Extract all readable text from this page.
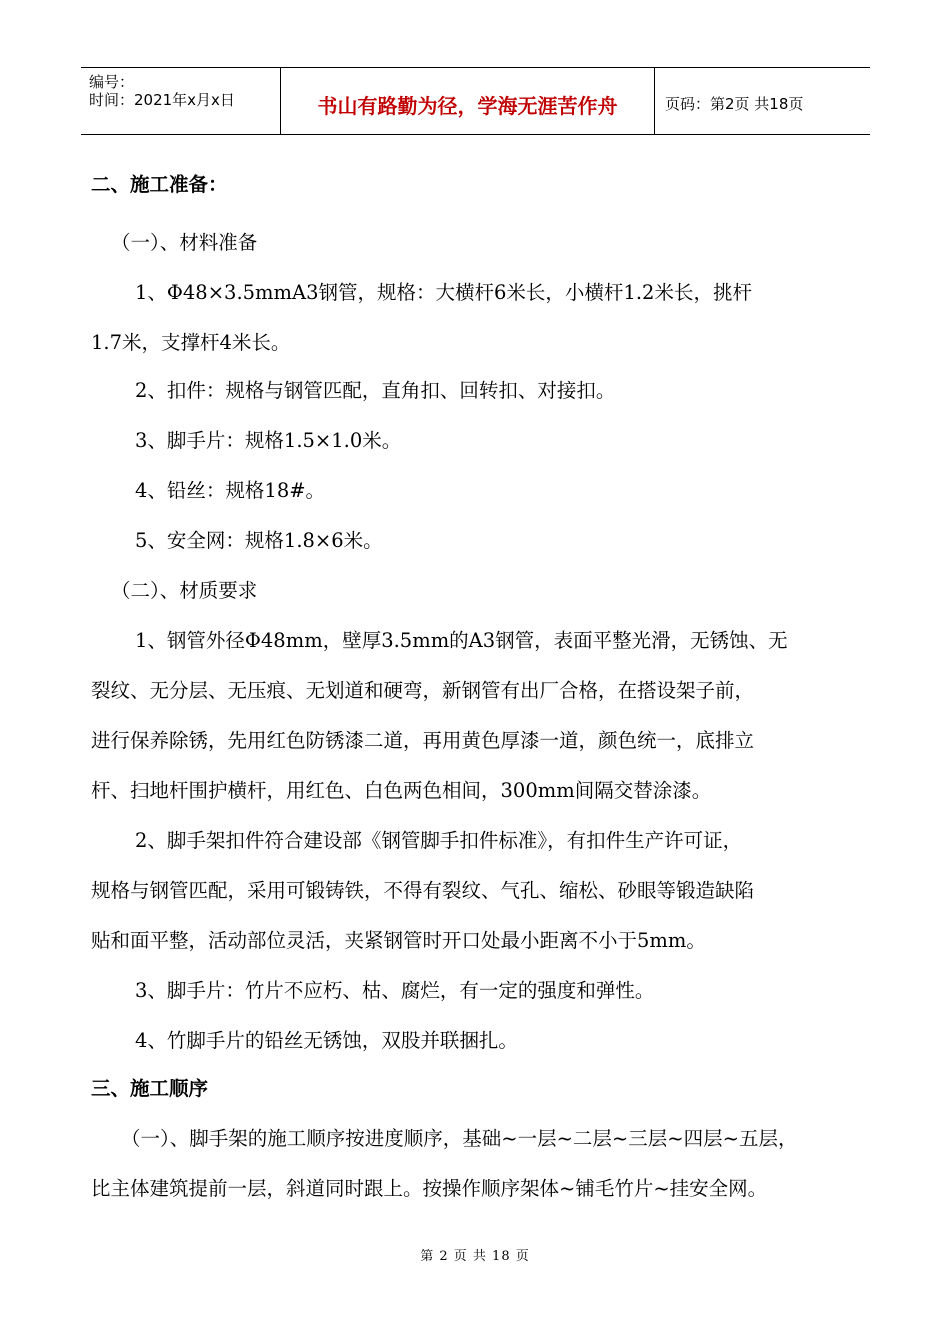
编号：
时间：2021年x月x日	书山有路勤为径，学海无涯苦作舟	页码：第2页 共18页
二、施工准备：
（一）、材料准备
1、Φ48×3.5mmA3钢管，规格：大横杆6米长，小横杆1.2米长，挑杆
1.7米，支撑杆4米长。
2、扣件：规格与钢管匹配，直角扣、回转扣、对接扣。
3、脚手片：规格1.5×1.0米。
4、铅丝：规格18#。
5、安全网：规格1.8×6米。
（二）、材质要求
1、钢管外径Φ48mm，壁厚3.5mm的A3钢管，表面平整光滑，无锈蚀、无
裂纹、无分层、无压痕、无划道和硬弯，新钢管有出厂合格，在搭设架子前，
进行保养除锈，先用红色防锈漆二道，再用黄色厚漆一道，颜色统一，底排立
杆、扫地杆围护横杆，用红色、白色两色相间，300mm间隔交替涂漆。
2、脚手架扣件符合建设部《钢管脚手扣件标准》，有扣件生产许可证，
规格与钢管匹配，采用可锻铸铁，不得有裂纹、气孔、缩松、砂眼等锻造缺陷
贴和面平整，活动部位灵活，夹紧钢管时开口处最小距离不小于5mm。
3、脚手片：竹片不应朽、枯、腐烂，有一定的强度和弹性。
4、竹脚手片的铅丝无锈蚀，双股并联捆扎。
三、施工顺序
（一）、脚手架的施工顺序按进度顺序，基础~一层~二层~三层~四层~五层，
比主体建筑提前一层，斜道同时跟上。按操作顺序架体~铺毛竹片~挂安全网。
第 2 页 共 18 页
